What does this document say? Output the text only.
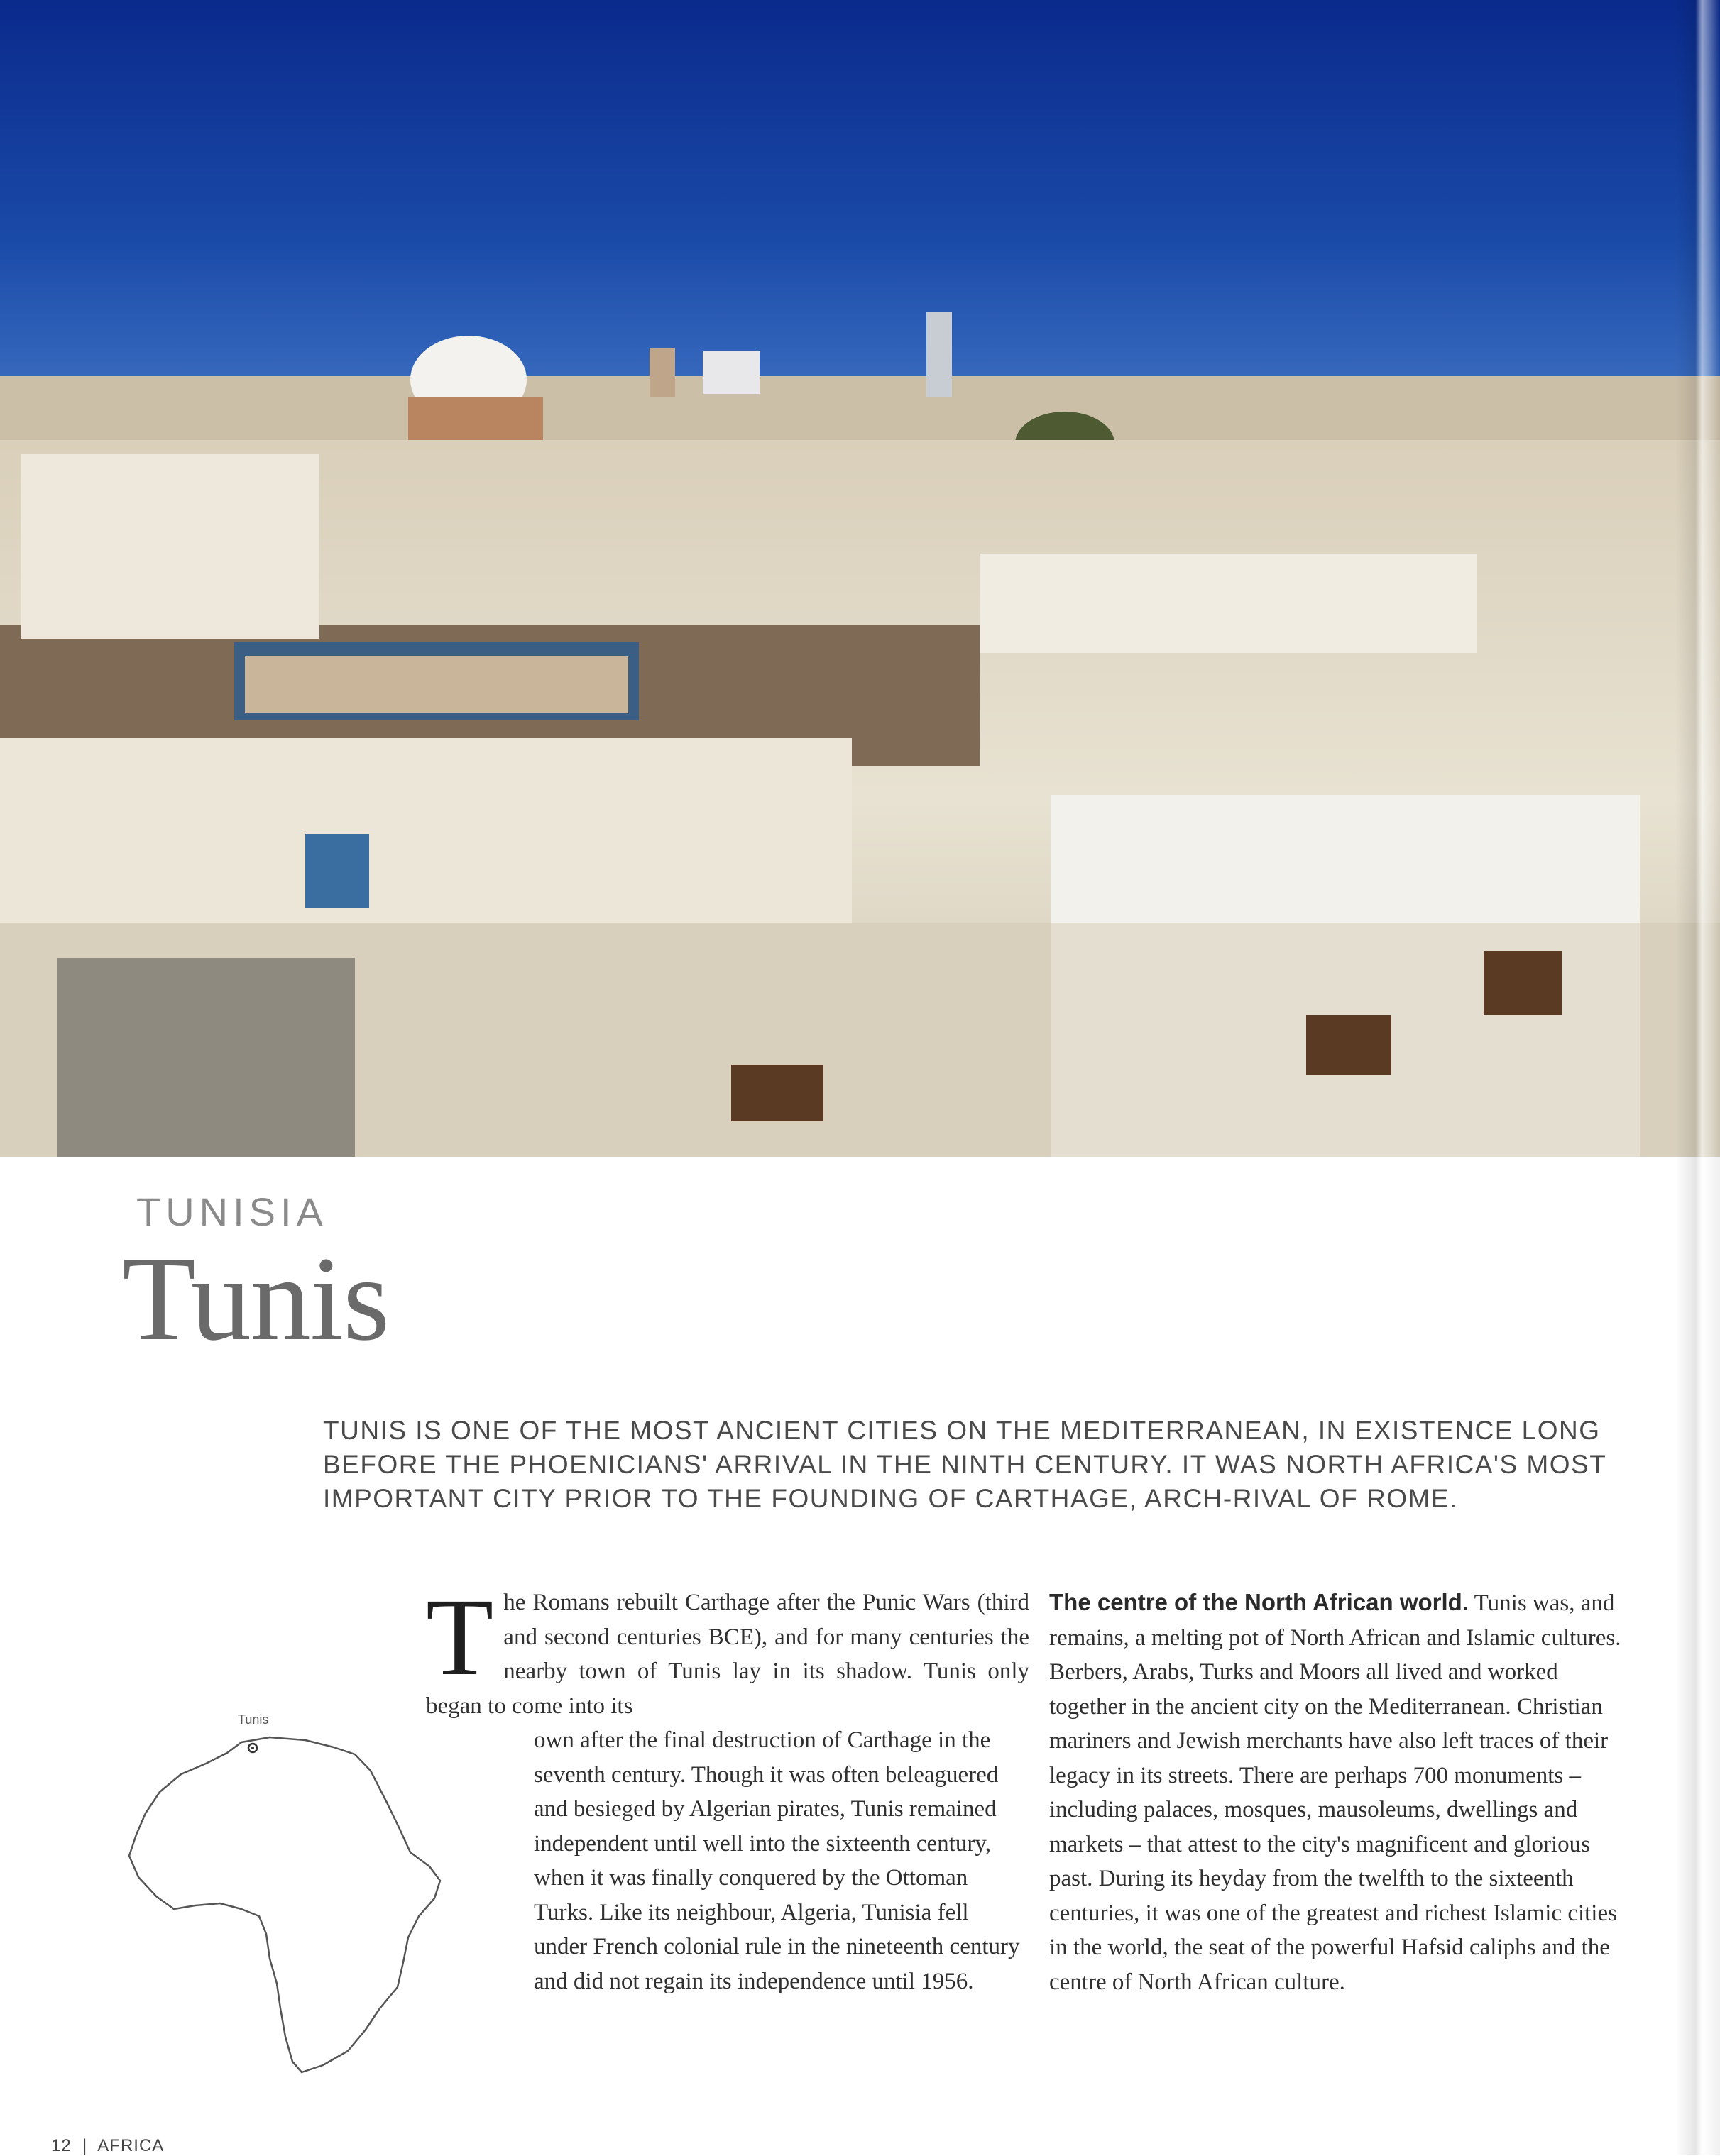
TUNISIA
Tunis
TUNIS IS ONE OF THE MOST ANCIENT CITIES ON THE MEDITERRANEAN, IN EXISTENCE LONG BEFORE THE PHOENICIANS' ARRIVAL IN THE NINTH CENTURY. IT WAS NORTH AFRICA'S MOST IMPORTANT CITY PRIOR TO THE FOUNDING OF CARTHAGE, ARCH-RIVAL OF ROME.
The Romans rebuilt Carthage after the Punic Wars (third and second centuries BCE), and for many centuries the nearby town of Tunis lay in its shadow. Tunis only began to come into its
own after the final destruction of Carthage in the seventh century. Though it was often beleaguered and besieged by Algerian pirates, Tunis remained independent until well into the sixteenth century, when it was finally conquered by the Ottoman Turks. Like its neighbour, Algeria, Tunisia fell under French colonial rule in the nineteenth century and did not regain its independence until 1956.
The centre of the North African world. Tunis was, and remains, a melting pot of North African and Islamic cultures. Berbers, Arabs, Turks and Moors all lived and worked together in the ancient city on the Mediterranean. Christian mariners and Jewish merchants have also left traces of their legacy in its streets. There are perhaps 700 monuments – including palaces, mosques, mausoleums, dwellings and markets – that attest to the city's magnificent and glorious past. During its heyday from the twelfth to the sixteenth centuries, it was one of the greatest and richest Islamic cities in the world, the seat of the powerful Hafsid caliphs and the centre of North African culture.
Tunis
12 | AFRICA
